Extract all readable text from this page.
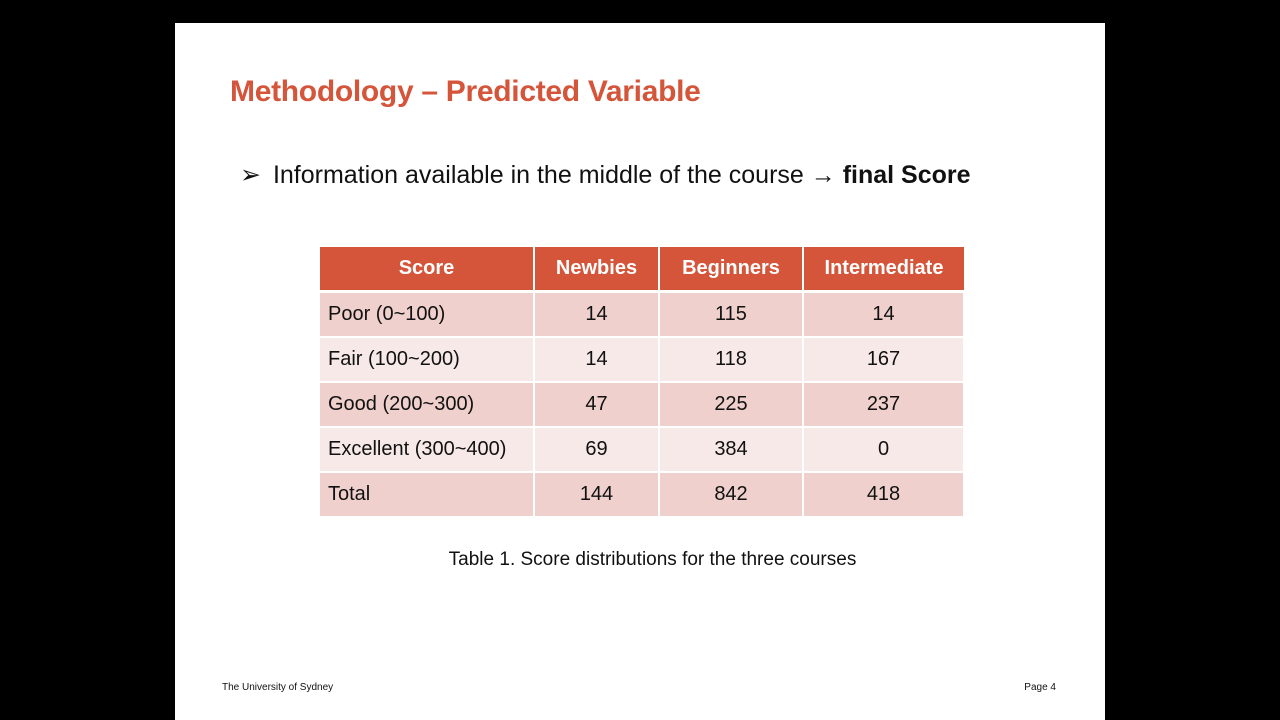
Methodology – Predicted Variable
➢ Information available in the middle of the course → final Score
Score	Newbies	Beginners	Intermediate
Poor (0~100)	14	115	14
Fair (100~200)	14	118	167
Good (200~300)	47	225	237
Excellent (300~400)	69	384	0
Total	144	842	418
Table 1. Score distributions for the three courses
The University of Sydney	Page 4
